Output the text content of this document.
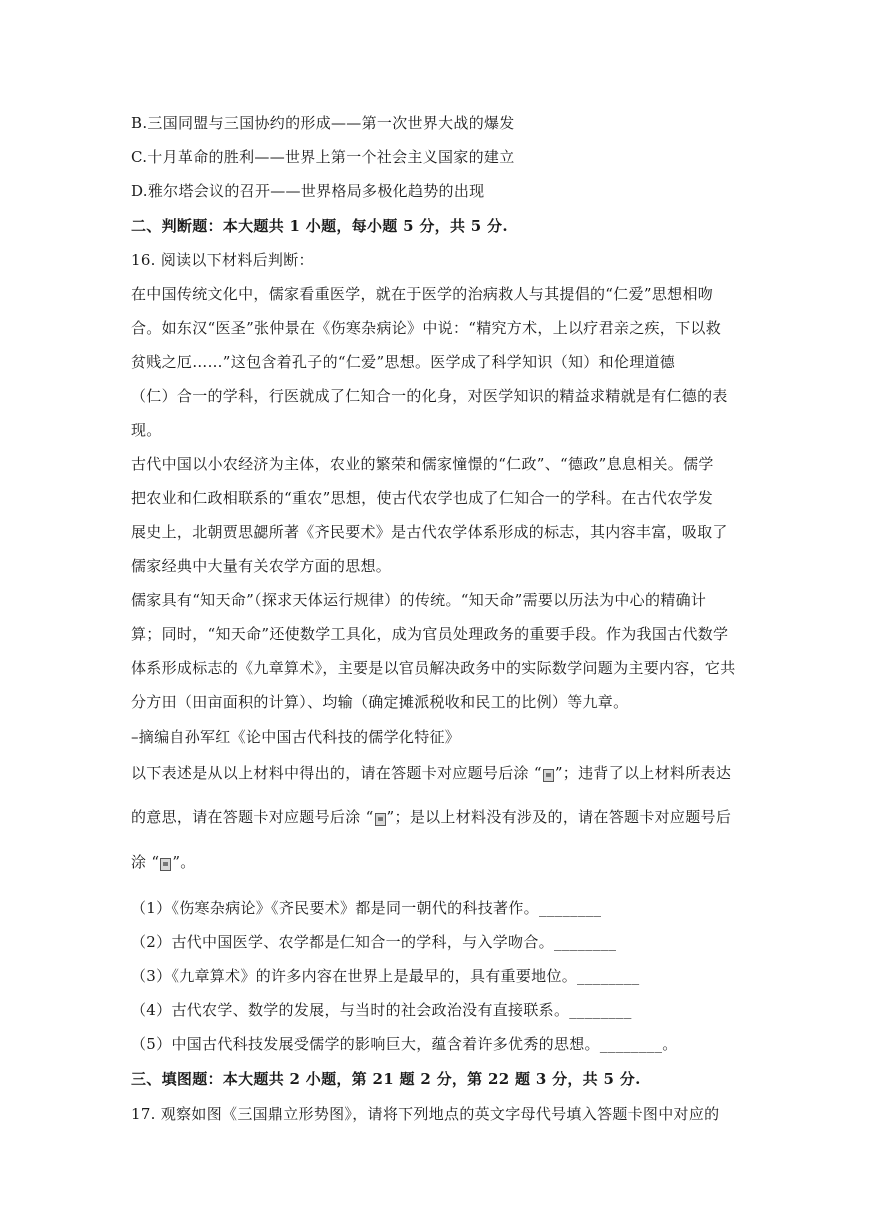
B.三国同盟与三国协约的形成——第一次世界大战的爆发
C.十月革命的胜利——世界上第一个社会主义国家的建立
D.雅尔塔会议的召开——世界格局多极化趋势的出现
二、判断题：本大题共 1 小题，每小题 5 分，共 5 分.
16. 阅读以下材料后判断：
在中国传统文化中，儒家看重医学，就在于医学的治病救人与其提倡的“仁爱”思想相吻
合。如东汉“医圣”张仲景在《伤寒杂病论》中说：“精究方术，上以疗君亲之疾，下以救
贫贱之厄……”这包含着孔子的“仁爱”思想。医学成了科学知识（知）和伦理道德
（仁）合一的学科，行医就成了仁知合一的化身，对医学知识的精益求精就是有仁德的表
现。
古代中国以小农经济为主体，农业的繁荣和儒家憧憬的“仁政”、“德政”息息相关。儒学
把农业和仁政相联系的“重农”思想，使古代农学也成了仁知合一的学科。在古代农学发
展史上，北朝贾思勰所著《齐民要术》是古代农学体系形成的标志，其内容丰富，吸取了
儒家经典中大量有关农学方面的思想。
儒家具有“知天命”（探求天体运行规律）的传统。“知天命”需要以历法为中心的精确计
算；同时，“知天命”还使数学工具化，成为官员处理政务的重要手段。作为我国古代数学
体系形成标志的《九章算术》，主要是以官员解决政务中的实际数学问题为主要内容，它共
分方田（田亩面积的计算）、均输（确定摊派税收和民工的比例）等九章。
–摘编自孙军红《论中国古代科技的儒学化特征》
以下表述是从以上材料中得出的，请在答题卡对应题号后涂 “ ”；违背了以上材料所表达
的意思，请在答题卡对应题号后涂 “ ”；是以上材料没有涉及的，请在答题卡对应题号后
涂 “ ”。
（1）《伤寒杂病论》《齐民要术》都是同一朝代的科技著作。________
（2）古代中国医学、农学都是仁知合一的学科，与入学吻合。________
（3）《九章算术》的许多内容在世界上是最早的，具有重要地位。________
（4）古代农学、数学的发展，与当时的社会政治没有直接联系。________
（5）中国古代科技发展受儒学的影响巨大，蕴含着许多优秀的思想。________。
三、填图题：本大题共 2 小题，第 21 题 2 分，第 22 题 3 分，共 5 分.
17. 观察如图《三国鼎立形势图》，请将下列地点的英文字母代号填入答题卡图中对应的
